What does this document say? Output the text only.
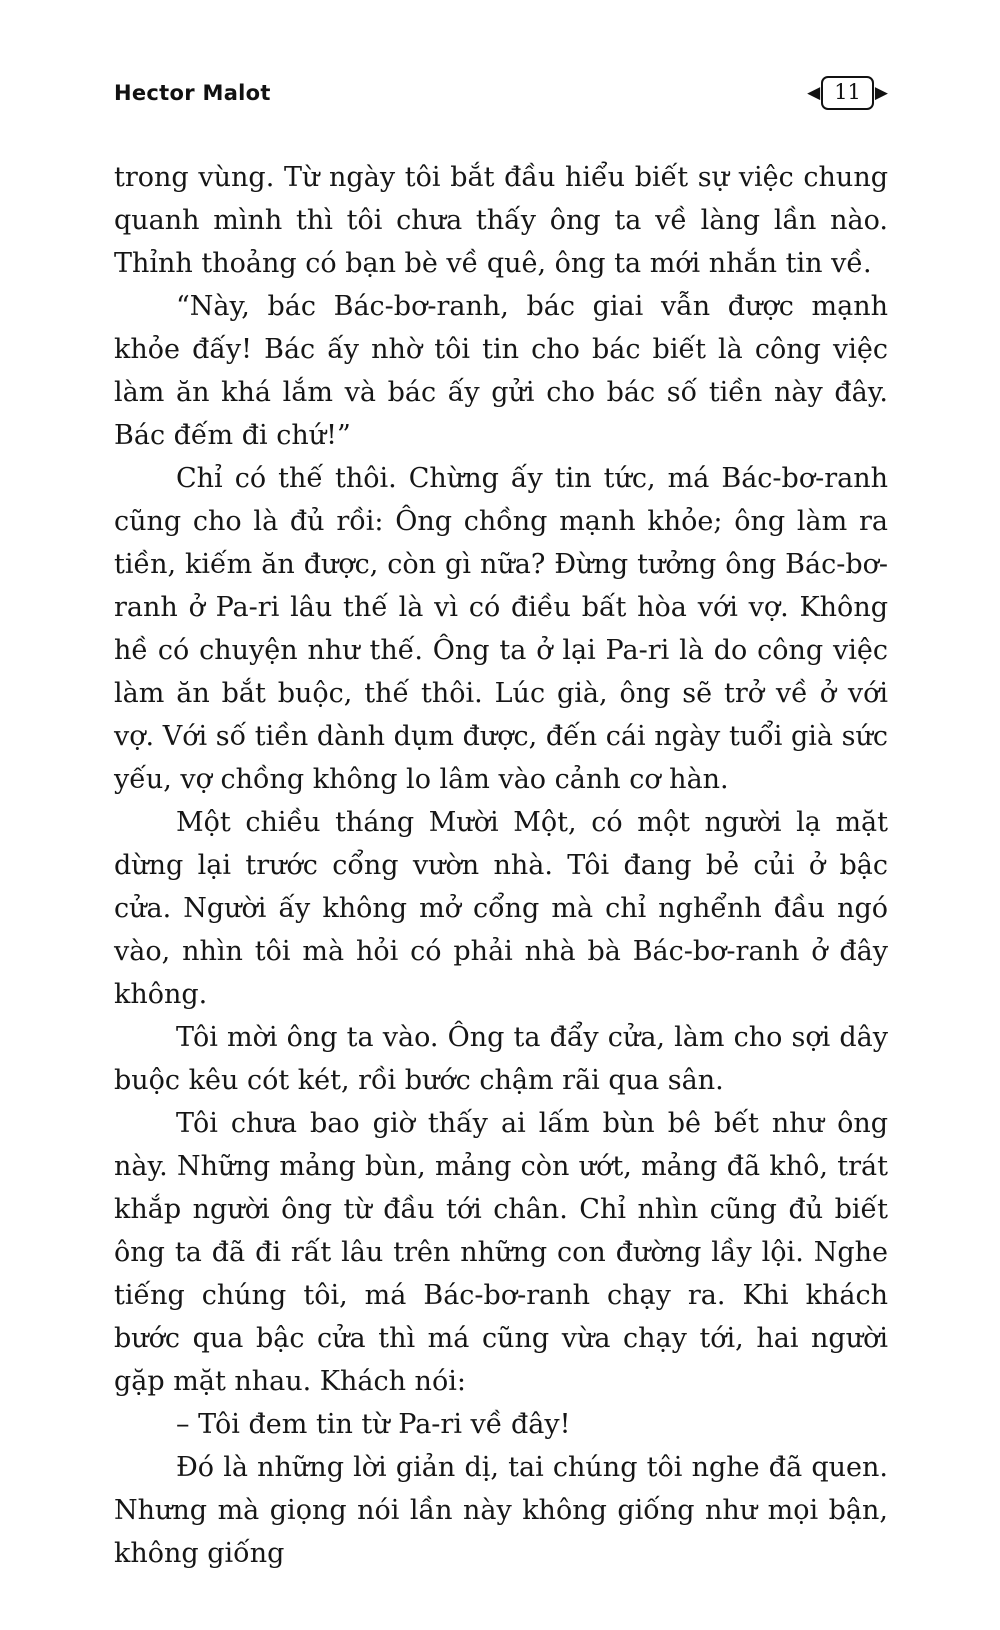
Hector Malot	◀ 11 ▶

trong vùng. Từ ngày tôi bắt đầu hiểu biết sự việc chung quanh mình thì tôi chưa thấy ông ta về làng lần nào. Thỉnh thoảng có bạn bè về quê, ông ta mới nhắn tin về.

“Này, bác Bác-bơ-ranh, bác giai vẫn được mạnh khỏe đấy! Bác ấy nhờ tôi tin cho bác biết là công việc làm ăn khá lắm và bác ấy gửi cho bác số tiền này đây. Bác đếm đi chứ!”

Chỉ có thế thôi. Chừng ấy tin tức, má Bác-bơ-ranh cũng cho là đủ rồi: Ông chồng mạnh khỏe; ông làm ra tiền, kiếm ăn được, còn gì nữa? Đừng tưởng ông Bác-bơ-ranh ở Pa-ri lâu thế là vì có điều bất hòa với vợ. Không hề có chuyện như thế. Ông ta ở lại Pa-ri là do công việc làm ăn bắt buộc, thế thôi. Lúc già, ông sẽ trở về ở với vợ. Với số tiền dành dụm được, đến cái ngày tuổi già sức yếu, vợ chồng không lo lâm vào cảnh cơ hàn.

Một chiều tháng Mười Một, có một người lạ mặt dừng lại trước cổng vườn nhà. Tôi đang bẻ củi ở bậc cửa. Người ấy không mở cổng mà chỉ nghểnh đầu ngó vào, nhìn tôi mà hỏi có phải nhà bà Bác-bơ-ranh ở đây không.

Tôi mời ông ta vào. Ông ta đẩy cửa, làm cho sợi dây buộc kêu cót két, rồi bước chậm rãi qua sân.

Tôi chưa bao giờ thấy ai lấm bùn bê bết như ông này. Những mảng bùn, mảng còn ướt, mảng đã khô, trát khắp người ông từ đầu tới chân. Chỉ nhìn cũng đủ biết ông ta đã đi rất lâu trên những con đường lầy lội. Nghe tiếng chúng tôi, má Bác-bơ-ranh chạy ra. Khi khách bước qua bậc cửa thì má cũng vừa chạy tới, hai người gặp mặt nhau. Khách nói:

– Tôi đem tin từ Pa-ri về đây!

Đó là những lời giản dị, tai chúng tôi nghe đã quen. Nhưng mà giọng nói lần này không giống như mọi bận, không giống
